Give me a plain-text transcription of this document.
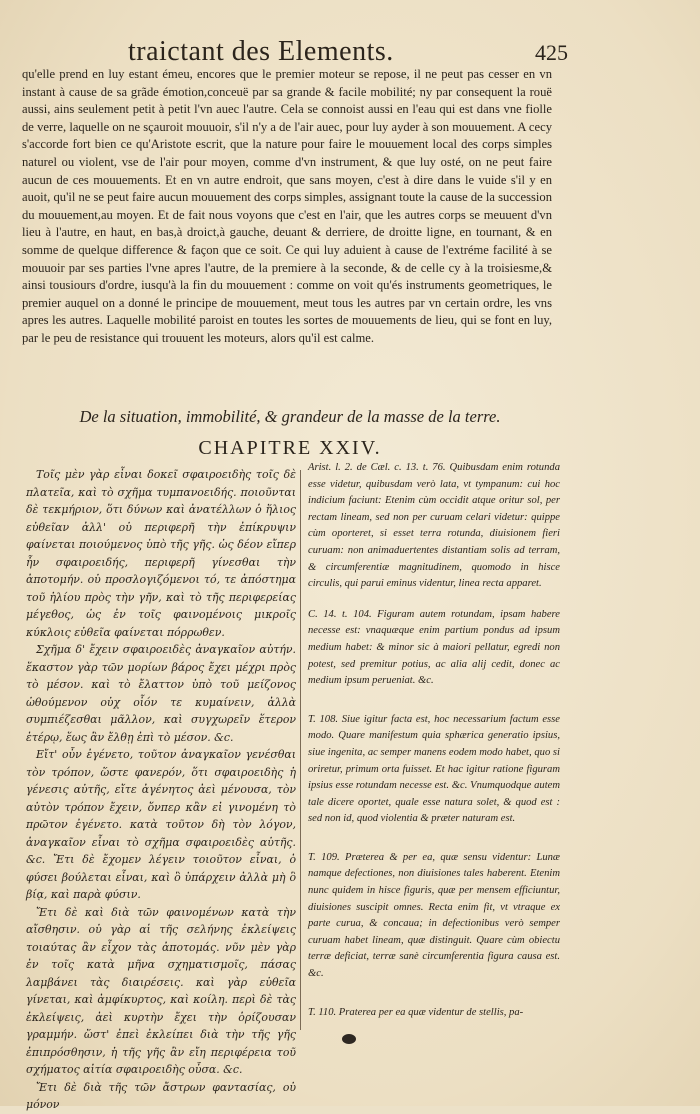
traictant des Elements.	425

qu'elle prend en luy estant émeu, encores que le premier moteur se repose, il ne peut pas cesser en vn instant à cause de sa grãde émotion,conceuë par sa grande & facile mobilité; ny par consequent la rouë aussi, ains seulement petit à petit l'vn auec l'autre. Cela se connoist aussi en l'eau qui est dans vne fiolle de verre, laquelle on ne sçauroit mouuoir, s'il n'y a de l'air auec, pour luy ayder à son mouuement. A cecy s'accorde fort bien ce qu'Aristote escrit, que la nature pour faire le mouuement local des corps simples naturel ou violent, vse de l'air pour moyen, comme d'vn instrument, & que luy osté, on ne peut faire aucun de ces mouuements. Et en vn autre endroit, que sans moyen, c'est à dire dans le vuide s'il y en auoit, qu'il ne se peut faire aucun mouuement des corps simples, assignant toute la cause de la succession du mouuement,au moyen. Et de fait nous voyons que c'est en l'air, que les autres corps se meuuent d'vn lieu à l'autre, en haut, en bas,à droict,à gauche, deuant & derriere, de droitte ligne, en tournant, & en somme de quelque difference & façon que ce soit. Ce qui luy aduient à cause de l'extréme facilité à se mouuoir par ses parties l'vne apres l'autre, de la premiere à la seconde, & de celle cy à la troisiesme,& ainsi tousiours d'ordre, iusqu'à la fin du mouuement : comme on voit qu'és instruments geometriques, le premier auquel on a donné le principe de mouuement, meut tous les autres par vn certain ordre, les vns apres les autres. Laquelle mobilité paroist en toutes les sortes de mouuements de lieu, qui se font en luy, par le peu de resistance qui trouuent les moteurs, alors qu'il est calme.

De la situation, immobilité, & grandeur de la masse de la terre.
CHAPITRE XXIV.

Τοῖς μὲν γὰρ εἶναι δοκεῖ σφαιροειδὴς τοῖς δὲ πλατεῖα, καὶ τὸ σχῆμα τυμπανοειδής. ποιοῦνται δὲ τεκμήριον, ὅτι δύνων καὶ ἀνατέλλων ὁ ἥλιος εὐθεῖαν ἀλλ' οὐ περιφερῆ τὴν ἐπίκρυψιν φαίνεται ποιούμενος ὑπὸ τῆς γῆς. ὡς δέον εἴπερ ἦν σφαιροειδής, περιφερῆ γίνεσθαι τὴν ἀποτομήν. οὐ προσλογιζόμενοι τό, τε ἀπόστημα τοῦ ἡλίου πρὸς τὴν γῆν, καὶ τὸ τῆς περιφερείας μέγεθος, ὡς ἐν τοῖς φαινομένοις μικροῖς κύκλοις εὐθεῖα φαίνεται πόρρωθεν.

Σχῆμα δ' ἔχειν σφαιροειδὲς ἀναγκαῖον αὐτήν. ἕκαστον γὰρ τῶν μορίων βάρος ἔχει μέχρι πρὸς τὸ μέσον. καὶ τὸ ἔλαττον ὑπὸ τοῦ μείζονος ὠθούμενον οὐχ οἷόν τε κυμαίνειν, ἀλλὰ συμπιέζεσθαι μᾶλλον, καὶ συγχωρεῖν ἕτερον ἑτέρῳ, ἕως ἂν ἔλθῃ ἐπὶ τὸ μέσον. &c.

Εἴτ' οὖν ἐγένετο, τοῦτον ἀναγκαῖον γενέσθαι τὸν τρόπον, ὥστε φανερόν, ὅτι σφαιροειδὴς ἡ γένεσις αὐτῆς, εἴτε ἀγένητος ἀεὶ μένουσα, τὸν αὐτὸν τρόπον ἔχειν, ὅνπερ κἂν εἰ γινομένη τὸ πρῶτον ἐγένετο. κατὰ τοῦτον δὴ τὸν λόγον, ἀναγκαῖον εἶναι τὸ σχῆμα σφαιροειδὲς αὐτῆς. &c. Ἔτι δὲ ἔχομεν λέγειν τοιοῦτον εἶναι, ὁ φύσει βούλεται εἶναι, καὶ ὃ ὑπάρχειν ἀλλὰ μὴ ὃ βίᾳ, καὶ παρὰ φύσιν.

Ἔτι δὲ καὶ διὰ τῶν φαινομένων κατὰ τὴν αἴσθησιν. οὐ γὰρ αἱ τῆς σελήνης ἐκλείψεις τοιαύτας ἂν εἶχον τὰς ἀποτομάς. νῦν μὲν γὰρ ἐν τοῖς κατὰ μῆνα σχηματισμοῖς, πάσας λαμβάνει τὰς διαιρέσεις. καὶ γὰρ εὐθεῖα γίνεται, καὶ ἀμφίκυρτος, καὶ κοίλη. περὶ δὲ τὰς ἐκλείψεις, ἀεὶ κυρτὴν ἔχει τὴν ὁρίζουσαν γραμμήν. ὥστ' ἐπεὶ ἐκλείπει διὰ τὴν τῆς γῆς ἐπιπρόσθησιν, ἡ τῆς γῆς ἂν εἴη περιφέρεια τοῦ σχήματος αἰτία σφαιροειδὴς οὖσα. &c.

Ἔτι δὲ διὰ τῆς τῶν ἄστρων φαντασίας, οὐ μόνον

Arist. l. 2. de Cæl. c. 13. t. 76. Quibusdam enim rotunda esse videtur, quibusdam verò lata, vt tympanum: cui hoc indicium faciunt: Etenim cùm occidit atque oritur sol, per rectam lineam, sed non per curuam celari videtur: quippe cùm oporteret, si esset terra rotunda, diuisionem fieri curuam: non animaduertentes distantiam solis ad terram, & circumferentiæ magnitudinem, quomodo in hisce circulis, qui parui eminus videntur, linea recta apparet.

C. 14. t. 104. Figuram autem rotundam, ipsam habere necesse est: vnaquæque enim partium pondus ad ipsum medium habet: & minor sic à maiori pellatur, egredi non potest, sed premitur potius, ac alia alij cedit, donec ac medium ipsum perueniat. &c.

T. 108. Siue igitur facta est, hoc necessarium factum esse modo. Quare manifestum quia sphærica generatio ipsius, siue ingenita, ac semper manens eodem modo habet, quo si oriretur, primum orta fuisset. Et hac igitur ratione figuram ipsius esse rotundam necesse est. &c. Vnumquodque autem tale dicere oportet, quale esse natura solet, & quod est : sed non id, quod violentia & præter naturam est.

T. 109. Præterea & per ea, quæ sensu videntur: Lunæ namque defectiones, non diuisiones tales haberent. Etenim nunc quidem in hisce figuris, quæ per mensem efficiuntur, diuisiones suscipit omnes. Recta enim fit, vt vtraque ex parte curua, & concaua; in defectionibus verò semper curuam habet lineam, quæ distinguit. Quare cùm obiectu terræ deficiat, terræ sanè circumferentia figura causa est. &c.

T. 110. Praterea per ea quæ videntur de stellis, pa-
